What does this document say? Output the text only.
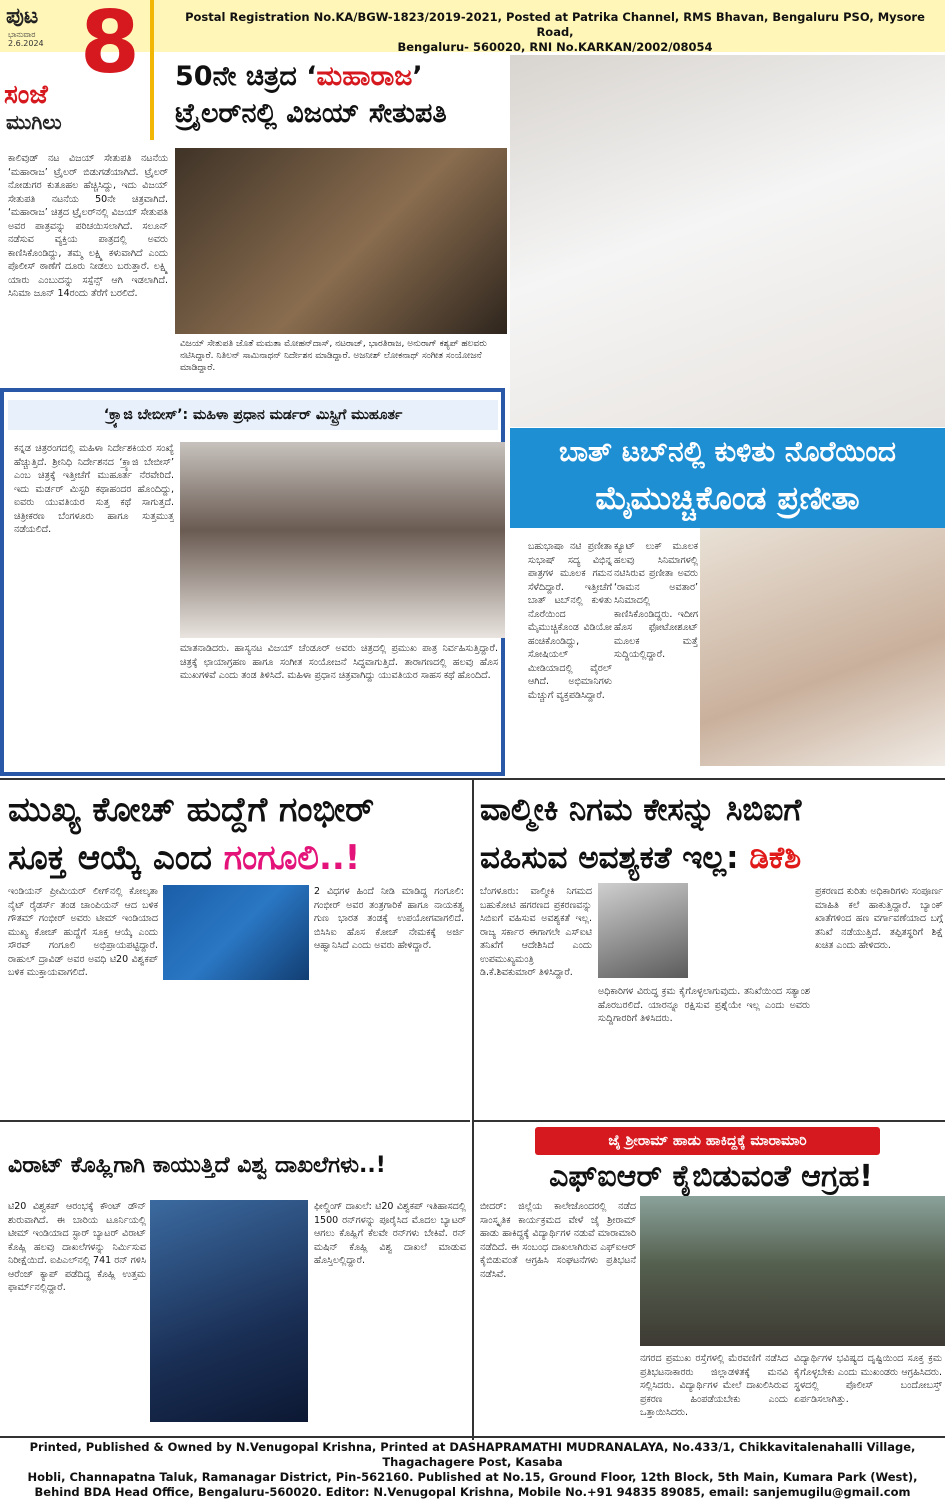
ಪುಟ
ಭಾನುವಾರ
2.6.2024 8
ಸಂಜೆ
ಮುಗಿಲು
Postal Registration No.KA/BGW-1823/2019-2021, Posted at Patrika Channel, RMS Bhavan, Bengaluru PSO, Mysore Road,
Bengaluru- 560020, RNI No.KARKAN/2002/08054
50ನೇ ಚಿತ್ರದ ‘ಮಹಾರಾಜ’
ಟ್ರೈಲರ್‌ನಲ್ಲಿ ವಿಜಯ್ ಸೇತುಪತಿ
ಕಾಲಿವುಡ್ ನಟ ವಿಜಯ್ ಸೇತುಪತಿ ನಟನೆಯ ‘ಮಹಾರಾಜ’ ಟ್ರೈಲರ್ ಬಿಡುಗಡೆಯಾಗಿದೆ. ಟ್ರೈಲರ್ ನೋಡುಗರ ಕುತೂಹಲ ಹೆಚ್ಚಿಸಿದ್ದು, ಇದು ವಿಜಯ್ ಸೇತುಪತಿ ನಟನೆಯ 50ನೇ ಚಿತ್ರವಾಗಿದೆ. ‘ಮಹಾರಾಜ’ ಚಿತ್ರದ ಟ್ರೈಲರ್‌ನಲ್ಲಿ ವಿಜಯ್ ಸೇತುಪತಿ ಅವರ ಪಾತ್ರವನ್ನು ಪರಿಚಯಿಸಲಾಗಿದೆ. ಸಲೂನ್ ನಡೆಸುವ ವ್ಯಕ್ತಿಯ ಪಾತ್ರದಲ್ಲಿ ಅವರು ಕಾಣಿಸಿಕೊಂಡಿದ್ದು, ತಮ್ಮ ಲಕ್ಷ್ಮಿ ಕಳುವಾಗಿದೆ ಎಂದು ಪೊಲೀಸ್ ಠಾಣೆಗೆ ದೂರು ನೀಡಲು ಬರುತ್ತಾರೆ. ಲಕ್ಷ್ಮಿ ಯಾರು ಎಂಬುದನ್ನು ಸಸ್ಪೆನ್ಸ್ ಆಗಿ ಇಡಲಾಗಿದೆ. ಸಿನಿಮಾ ಜೂನ್ 14ರಂದು ತೆರೆಗೆ ಬರಲಿದೆ.
ವಿಜಯ್ ಸೇತುಪತಿ ಜೊತೆ ಮಮತಾ ಮೋಹನ್‌ದಾಸ್, ನಟರಾಜ್, ಭಾರತಿರಾಜ, ಅನುರಾಗ್ ಕಶ್ಯಪ್ ಹಲವರು ನಟಿಸಿದ್ದಾರೆ. ನಿತಿಲನ್ ಸಾಮಿನಾಥನ್ ನಿರ್ದೇಶನ ಮಾಡಿದ್ದಾರೆ. ಅಜನೀಶ್ ಲೋಕನಾಥ್ ಸಂಗೀತ ಸಂಯೋಜನೆ ಮಾಡಿದ್ದಾರೆ.
ಬಾತ್ ಟಬ್‌ನಲ್ಲಿ ಕುಳಿತು ನೊರೆಯಿಂದ
ಮೈಮುಚ್ಚಿಕೊಂಡ ಪ್ರಣೀತಾ
ಬಹುಭಾಷಾ ನಟಿ ಪ್ರಣೀತಾ ಸುಭಾಷ್ ಸದ್ಯ ವಿಭಿನ್ನ ಪಾತ್ರಗಳ ಮೂಲಕ ಗಮನ ಸೆಳೆದಿದ್ದಾರೆ. ಇತ್ತೀಚೆಗೆ ಬಾತ್ ಟಬ್‌ನಲ್ಲಿ ಕುಳಿತು ನೊರೆಯಿಂದ ಮೈಮುಚ್ಚಿಕೊಂಡ ವಿಡಿಯೋ ಹಂಚಿಕೊಂಡಿದ್ದು, ಸೋಷಿಯಲ್ ಮೀಡಿಯಾದಲ್ಲಿ ವೈರಲ್ ಆಗಿದೆ. ಅಭಿಮಾನಿಗಳು ಮೆಚ್ಚುಗೆ ವ್ಯಕ್ತಪಡಿಸಿದ್ದಾರೆ.
ಕ್ಯೂಟ್ ಲುಕ್ ಮೂಲಕ ಹಲವು ಸಿನಿಮಾಗಳಲ್ಲಿ ನಟಿಸಿರುವ ಪ್ರಣೀತಾ ಅವರು ‘ರಾಮನ ಅವತಾರ’ ಸಿನಿಮಾದಲ್ಲಿ ಕಾಣಿಸಿಕೊಂಡಿದ್ದರು. ಇದೀಗ ಹೊಸ ಫೋಟೋಶೂಟ್ ಮೂಲಕ ಮತ್ತೆ ಸುದ್ದಿಯಲ್ಲಿದ್ದಾರೆ.
‘ಕ್ರ್ಯಾಜಿ ಬೇಬೀಸ್’: ಮಹಿಳಾ ಪ್ರಧಾನ ಮರ್ಡರ್ ಮಿಸ್ಟ್ರಿಗೆ ಮುಹೂರ್ತ
ಕನ್ನಡ ಚಿತ್ರರಂಗದಲ್ಲಿ ಮಹಿಳಾ ನಿರ್ದೇಶಕಿಯರ ಸಂಖ್ಯೆ ಹೆಚ್ಚುತ್ತಿದೆ. ಶ್ರೀನಿಧಿ ನಿರ್ದೇಶನದ ‘ಕ್ರ್ಯಾಜಿ ಬೇಬೀಸ್’ ಎಂಬ ಚಿತ್ರಕ್ಕೆ ಇತ್ತೀಚೆಗೆ ಮುಹೂರ್ತ ನೆರವೇರಿದೆ. ಇದು ಮರ್ಡರ್ ಮಿಸ್ಟರಿ ಕಥಾಹಂದರ ಹೊಂದಿದ್ದು, ಐವರು ಯುವತಿಯರ ಸುತ್ತ ಕಥೆ ಸಾಗುತ್ತದೆ. ಚಿತ್ರೀಕರಣ ಬೆಂಗಳೂರು ಹಾಗೂ ಸುತ್ತಮುತ್ತ ನಡೆಯಲಿದೆ.
ಮಾತನಾಡಿದರು. ಹಾಸ್ಯನಟ ವಿಜಯ್ ಚೆಂಡೂರ್ ಅವರು ಚಿತ್ರದಲ್ಲಿ ಪ್ರಮುಖ ಪಾತ್ರ ನಿರ್ವಹಿಸುತ್ತಿದ್ದಾರೆ. ಚಿತ್ರಕ್ಕೆ ಛಾಯಾಗ್ರಹಣ ಹಾಗೂ ಸಂಗೀತ ಸಂಯೋಜನೆ ಸಿದ್ಧವಾಗುತ್ತಿದೆ. ತಾರಾಗಣದಲ್ಲಿ ಹಲವು ಹೊಸ ಮುಖಗಳಿವೆ ಎಂದು ತಂಡ ತಿಳಿಸಿದೆ. ಮಹಿಳಾ ಪ್ರಧಾನ ಚಿತ್ರವಾಗಿದ್ದು ಯುವತಿಯರ ಸಾಹಸ ಕಥೆ ಹೊಂದಿದೆ.
ಮುಖ್ಯ ಕೋಚ್ ಹುದ್ದೆಗೆ ಗಂಭೀರ್
ಸೂಕ್ತ ಆಯ್ಕೆ ಎಂದ ಗಂಗೂಲಿ..!
ಇಂಡಿಯನ್ ಪ್ರೀಮಿಯರ್ ಲೀಗ್‌ನಲ್ಲಿ ಕೋಲ್ಕತಾ ನೈಟ್ ರೈಡರ್ಸ್ ತಂಡ ಚಾಂಪಿಯನ್ ಆದ ಬಳಿಕ ಗೌತಮ್ ಗಂಭೀರ್ ಅವರು ಟೀಮ್ ಇಂಡಿಯಾದ ಮುಖ್ಯ ಕೋಚ್ ಹುದ್ದೆಗೆ ಸೂಕ್ತ ಆಯ್ಕೆ ಎಂದು ಸೌರವ್ ಗಂಗೂಲಿ ಅಭಿಪ್ರಾಯಪಟ್ಟಿದ್ದಾರೆ. ರಾಹುಲ್ ದ್ರಾವಿಡ್ ಅವರ ಅವಧಿ ಟಿ20 ವಿಶ್ವಕಪ್ ಬಳಿಕ ಮುಕ್ತಾಯವಾಗಲಿದೆ.
2 ವಿಧಗಳ ಹಿಂದೆ ನೀಡಿ ಮಾಡಿದ್ದ ಗಂಗೂಲಿ: ಗಂಭೀರ್ ಅವರ ತಂತ್ರಗಾರಿಕೆ ಹಾಗೂ ನಾಯಕತ್ವ ಗುಣ ಭಾರತ ತಂಡಕ್ಕೆ ಉಪಯೋಗವಾಗಲಿದೆ. ಬಿಸಿಸಿಐ ಹೊಸ ಕೋಚ್ ನೇಮಕಕ್ಕೆ ಅರ್ಜಿ ಆಹ್ವಾನಿಸಿದೆ ಎಂದು ಅವರು ಹೇಳಿದ್ದಾರೆ.
ವಾಲ್ಮೀಕಿ ನಿಗಮ ಕೇಸನ್ನು ಸಿಬಿಐಗೆ
ವಹಿಸುವ ಅವಶ್ಯಕತೆ ಇಲ್ಲ: ಡಿಕೆಶಿ
ಬೆಂಗಳೂರು: ವಾಲ್ಮೀಕಿ ನಿಗಮದ ಬಹುಕೋಟಿ ಹಗರಣದ ಪ್ರಕರಣವನ್ನು ಸಿಬಿಐಗೆ ವಹಿಸುವ ಅವಶ್ಯಕತೆ ಇಲ್ಲ. ರಾಜ್ಯ ಸರ್ಕಾರ ಈಗಾಗಲೇ ಎಸ್‌ಐಟಿ ತನಿಖೆಗೆ ಆದೇಶಿಸಿದೆ ಎಂದು ಉಪಮುಖ್ಯಮಂತ್ರಿ ಡಿ.ಕೆ.ಶಿವಕುಮಾರ್ ತಿಳಿಸಿದ್ದಾರೆ.
ಅಧಿಕಾರಿಗಳ ವಿರುದ್ಧ ಕ್ರಮ ಕೈಗೊಳ್ಳಲಾಗುವುದು. ತನಿಖೆಯಿಂದ ಸತ್ಯಾಂಶ ಹೊರಬರಲಿದೆ. ಯಾರನ್ನೂ ರಕ್ಷಿಸುವ ಪ್ರಶ್ನೆಯೇ ಇಲ್ಲ ಎಂದು ಅವರು ಸುದ್ದಿಗಾರರಿಗೆ ತಿಳಿಸಿದರು.
ಪ್ರಕರಣದ ಕುರಿತು ಅಧಿಕಾರಿಗಳು ಸಂಪೂರ್ಣ ಮಾಹಿತಿ ಕಲೆ ಹಾಕುತ್ತಿದ್ದಾರೆ. ಬ್ಯಾಂಕ್ ಖಾತೆಗಳಿಂದ ಹಣ ವರ್ಗಾವಣೆಯಾದ ಬಗ್ಗೆ ತನಿಖೆ ನಡೆಯುತ್ತಿದೆ. ತಪ್ಪಿತಸ್ಥರಿಗೆ ಶಿಕ್ಷೆ ಖಚಿತ ಎಂದು ಹೇಳಿದರು.
ವಿರಾಟ್ ಕೊಹ್ಲಿಗಾಗಿ ಕಾಯುತ್ತಿದೆ ವಿಶ್ವ ದಾಖಲೆಗಳು..!
ಟಿ20 ವಿಶ್ವಕಪ್ ಆರಂಭಕ್ಕೆ ಕೌಂಟ್ ಡೌನ್ ಶುರುವಾಗಿದೆ. ಈ ಬಾರಿಯ ಟೂರ್ನಿಯಲ್ಲಿ ಟೀಮ್ ಇಂಡಿಯಾದ ಸ್ಟಾರ್ ಬ್ಯಾಟರ್ ವಿರಾಟ್ ಕೊಹ್ಲಿ ಹಲವು ದಾಖಲೆಗಳನ್ನು ನಿರ್ಮಿಸುವ ನಿರೀಕ್ಷೆಯಿದೆ. ಐಪಿಎಲ್‌ನಲ್ಲಿ 741 ರನ್ ಗಳಿಸಿ ಆರೆಂಜ್ ಕ್ಯಾಪ್ ಪಡೆದಿದ್ದ ಕೊಹ್ಲಿ ಉತ್ತಮ ಫಾರ್ಮ್‌ನಲ್ಲಿದ್ದಾರೆ.
ಫೀಲ್ಡಿಂಗ್ ದಾಖಲೆ: ಟಿ20 ವಿಶ್ವಕಪ್ ಇತಿಹಾಸದಲ್ಲಿ 1500 ರನ್‌ಗಳನ್ನು ಪೂರೈಸಿದ ಮೊದಲ ಬ್ಯಾಟರ್ ಆಗಲು ಕೊಹ್ಲಿಗೆ ಕೆಲವೇ ರನ್‌ಗಳು ಬೇಕಿವೆ. ರನ್ ಮಷಿನ್ ಕೊಹ್ಲಿ ವಿಶ್ವ ದಾಖಲೆ ಮಾಡುವ ಹೊಸ್ತಿಲಲ್ಲಿದ್ದಾರೆ.
ಜೈ ಶ್ರೀರಾಮ್ ಹಾಡು ಹಾಕಿದ್ದಕ್ಕೆ ಮಾರಾಮಾರಿ
ಎಫ್‌ಐಆರ್ ಕೈಬಿಡುವಂತೆ ಆಗ್ರಹ!
ಬೀದರ್: ಜಿಲ್ಲೆಯ ಕಾಲೇಜೊಂದರಲ್ಲಿ ನಡೆದ ಸಾಂಸ್ಕೃತಿಕ ಕಾರ್ಯಕ್ರಮದ ವೇಳೆ ಜೈ ಶ್ರೀರಾಮ್ ಹಾಡು ಹಾಕಿದ್ದಕ್ಕೆ ವಿದ್ಯಾರ್ಥಿಗಳ ನಡುವೆ ಮಾರಾಮಾರಿ ನಡೆದಿದೆ. ಈ ಸಂಬಂಧ ದಾಖಲಾಗಿರುವ ಎಫ್‌ಐಆರ್ ಕೈಬಿಡುವಂತೆ ಆಗ್ರಹಿಸಿ ಸಂಘಟನೆಗಳು ಪ್ರತಿಭಟನೆ ನಡೆಸಿವೆ.
ನಗರದ ಪ್ರಮುಖ ರಸ್ತೆಗಳಲ್ಲಿ ಮೆರವಣಿಗೆ ನಡೆಸಿದ ಪ್ರತಿಭಟನಾಕಾರರು ಜಿಲ್ಲಾಡಳಿತಕ್ಕೆ ಮನವಿ ಸಲ್ಲಿಸಿದರು. ವಿದ್ಯಾರ್ಥಿಗಳ ಮೇಲೆ ದಾಖಲಿಸಿರುವ ಪ್ರಕರಣ ಹಿಂಪಡೆಯಬೇಕು ಎಂದು ಒತ್ತಾಯಿಸಿದರು.
ವಿದ್ಯಾರ್ಥಿಗಳ ಭವಿಷ್ಯದ ದೃಷ್ಟಿಯಿಂದ ಸೂಕ್ತ ಕ್ರಮ ಕೈಗೊಳ್ಳಬೇಕು ಎಂದು ಮುಖಂಡರು ಆಗ್ರಹಿಸಿದರು. ಸ್ಥಳದಲ್ಲಿ ಪೊಲೀಸ್ ಬಂದೋಬಸ್ತ್ ಏರ್ಪಡಿಸಲಾಗಿತ್ತು.
Printed, Published & Owned by N.Venugopal Krishna, Printed at DASHAPRAMATHI MUDRANALAYA, No.433/1, Chikkavitalenahalli Village, Thagachagere Post, Kasaba
Hobli, Channapatna Taluk, Ramanagar District, Pin-562160. Published at No.15, Ground Floor, 12th Block, 5th Main, Kumara Park (West),
Behind BDA Head Office, Bengaluru-560020. Editor: N.Venugopal Krishna, Mobile No.+91 94835 89085, email: sanjemugilu@gmail.com
